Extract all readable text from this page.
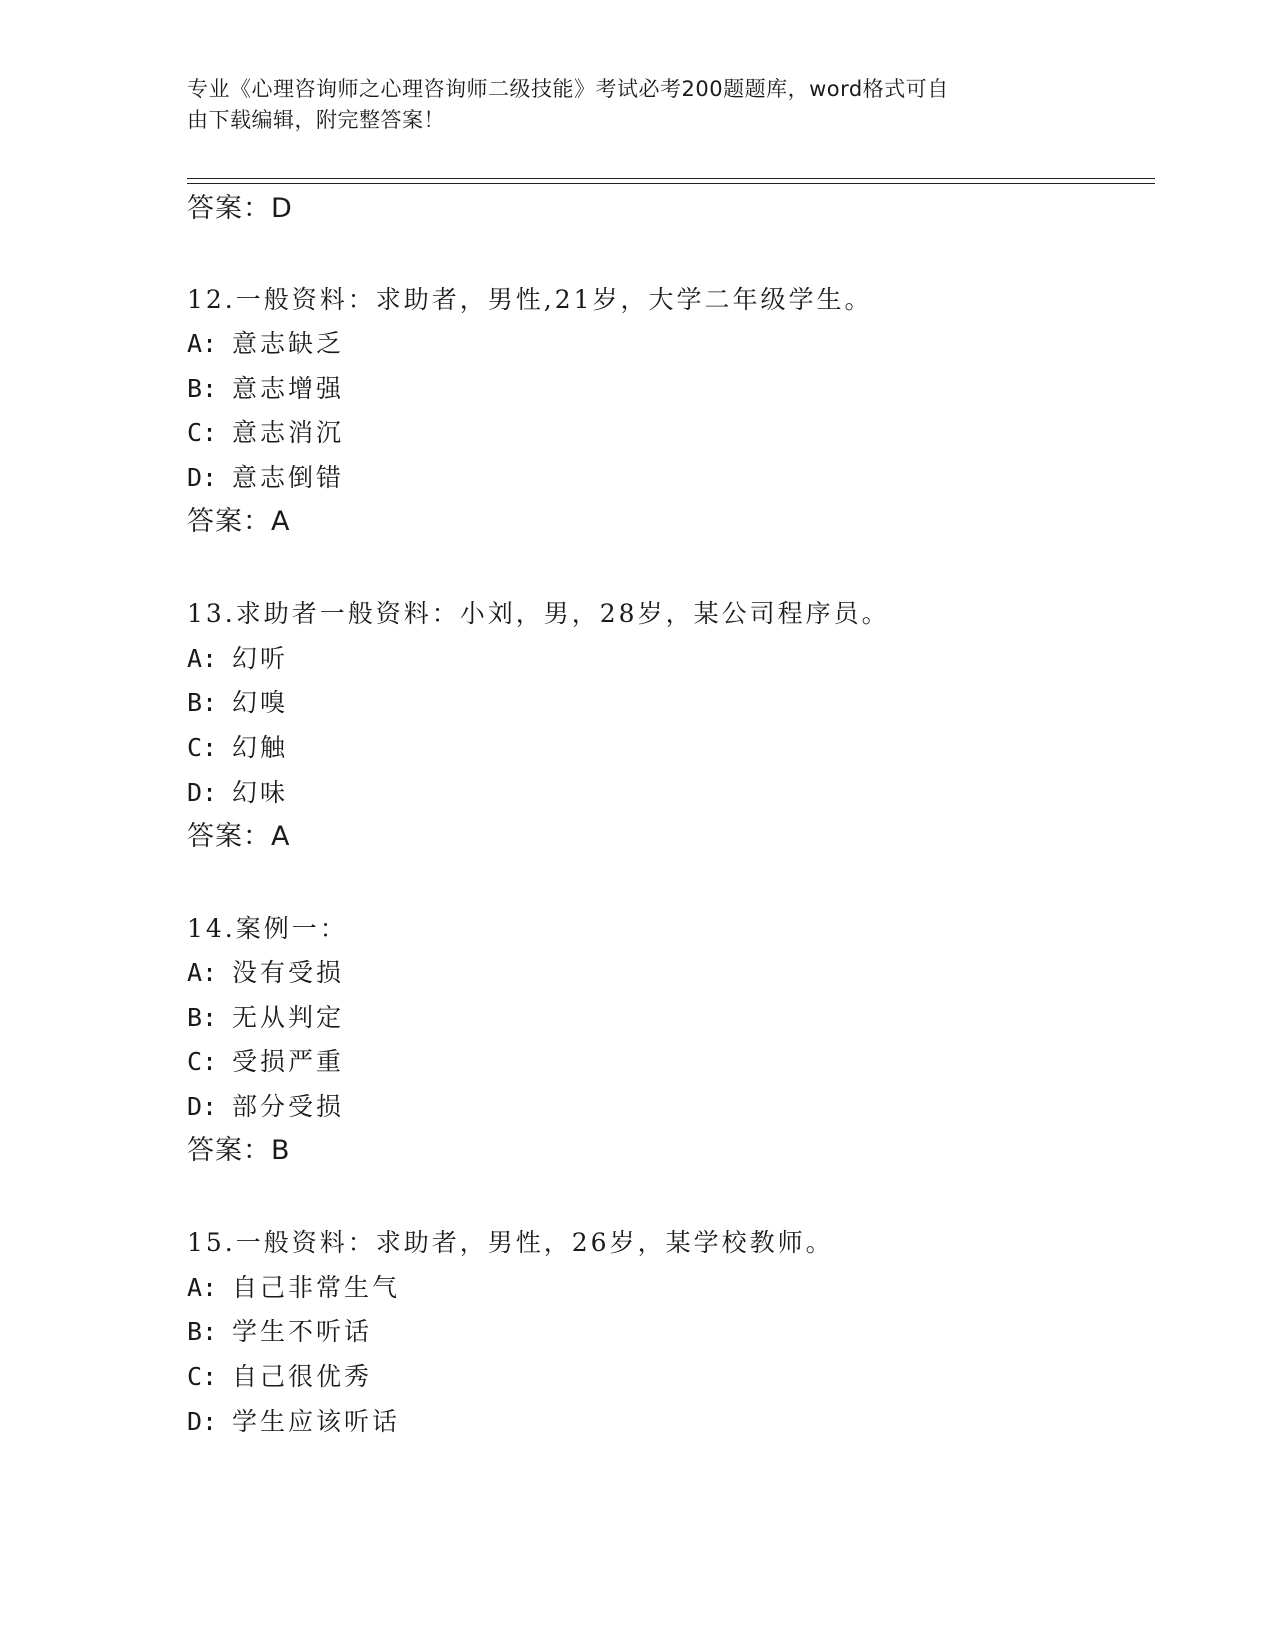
专业《心理咨询师之心理咨询师二级技能》考试必考200题题库，word格式可自
由下载编辑，附完整答案！
答案：D
12.一般资料：求助者，男性,21岁，大学二年级学生。
A: 意志缺乏
B: 意志增强
C: 意志消沉
D: 意志倒错
答案：A
13.求助者一般资料：小刘，男，28岁，某公司程序员。
A: 幻听
B: 幻嗅
C: 幻触
D: 幻味
答案：A
14.案例一：
A: 没有受损
B: 无从判定
C: 受损严重
D: 部分受损
答案：B
15.一般资料：求助者，男性，26岁，某学校教师。
A: 自己非常生气
B: 学生不听话
C: 自己很优秀
D: 学生应该听话
